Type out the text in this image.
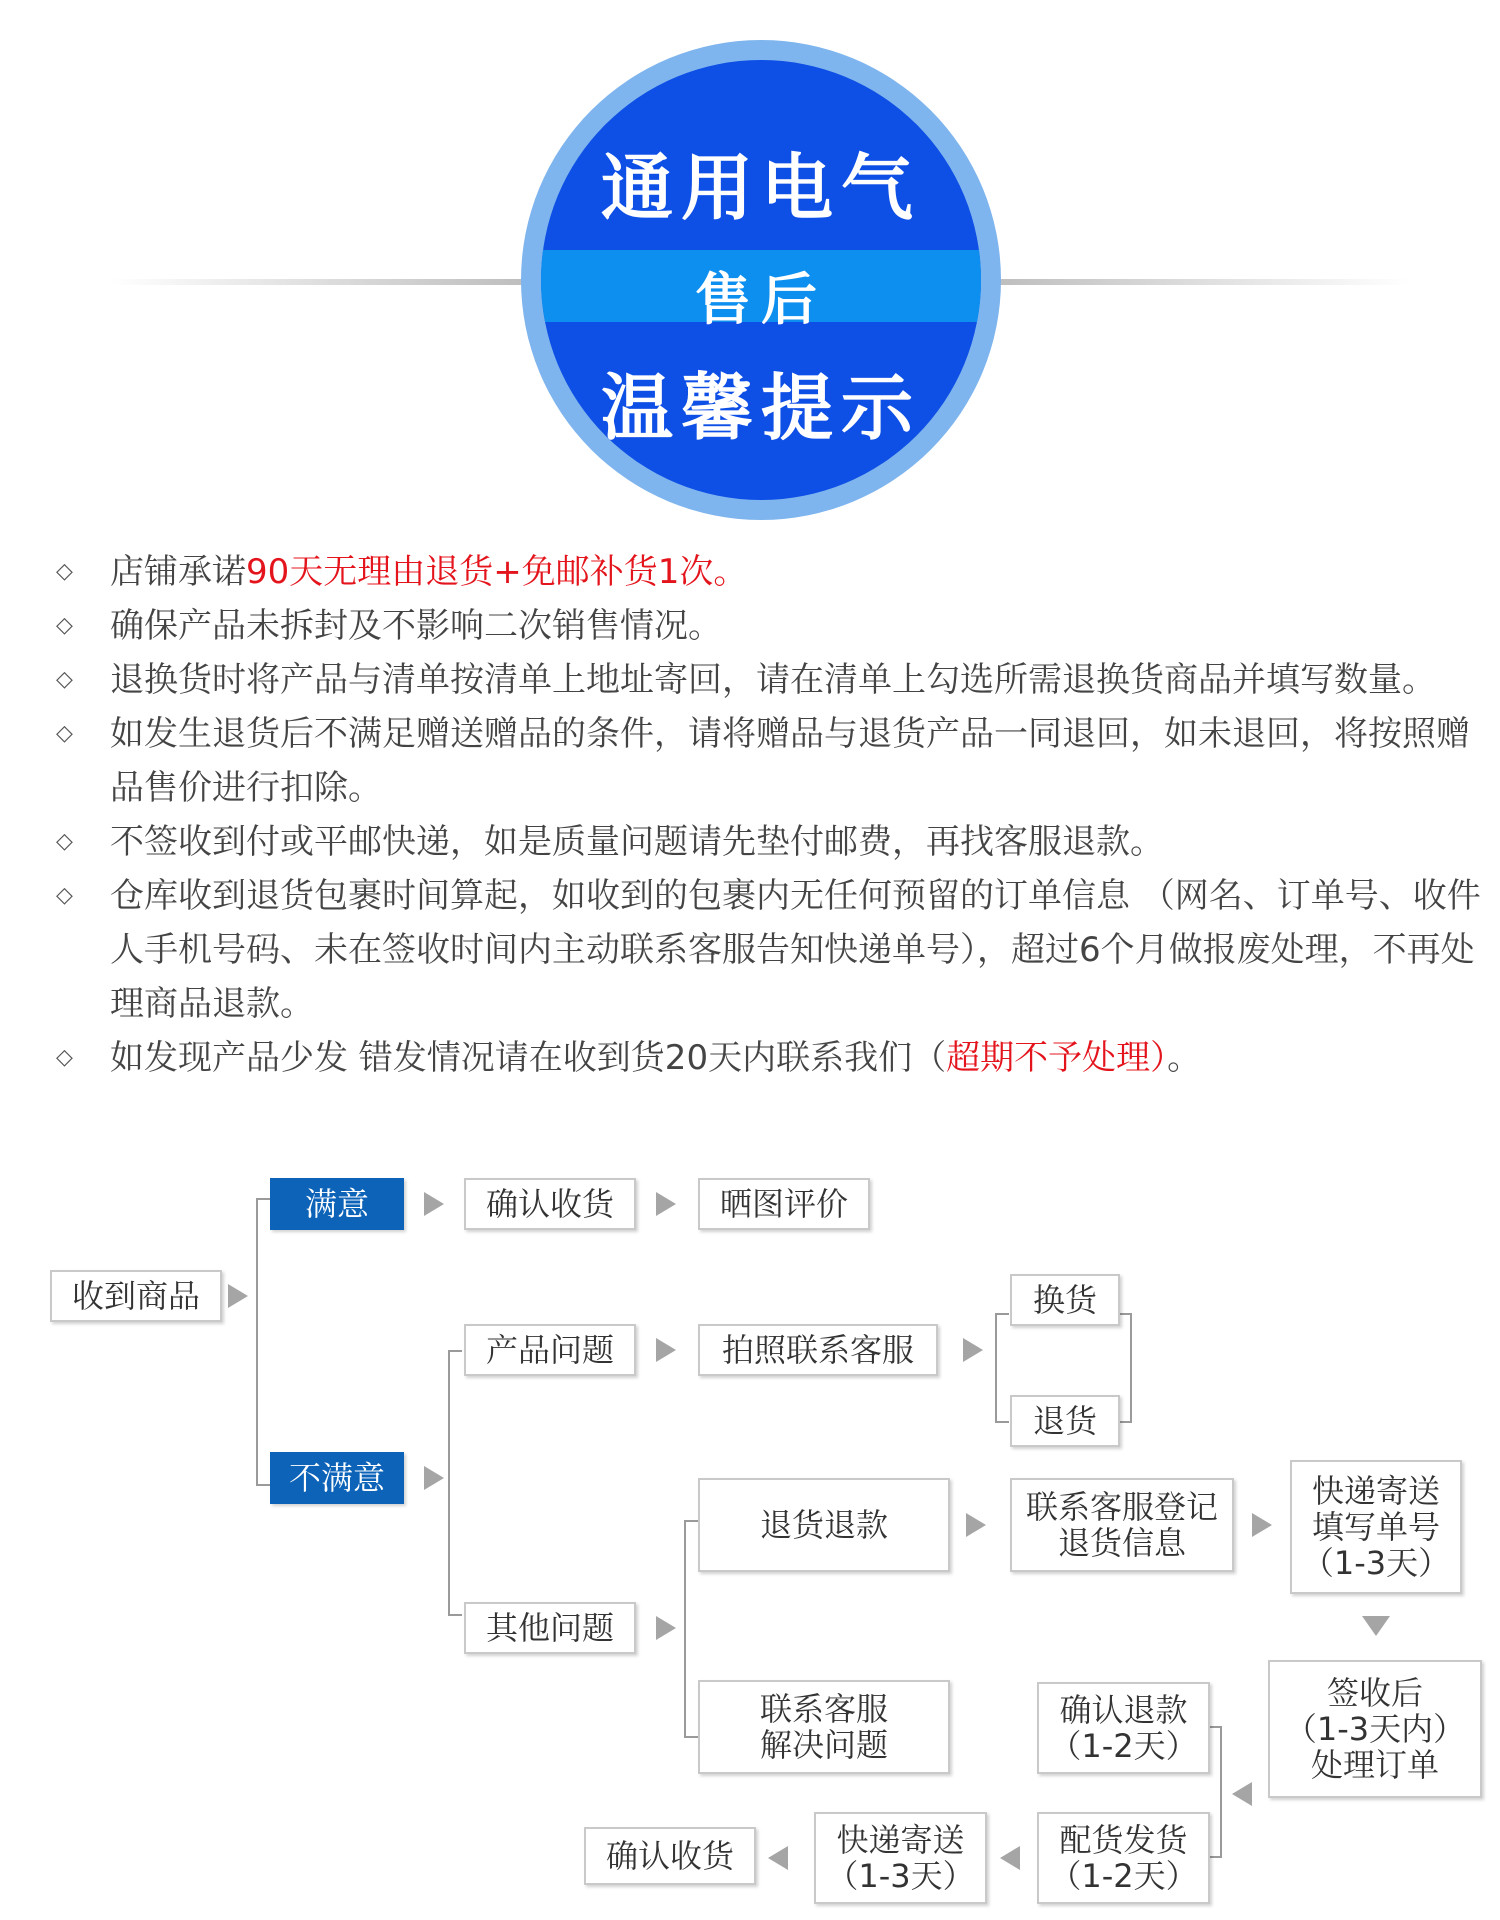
通用电气
售后
温馨提示
◇	店铺承诺90天无理由退货+免邮补货1次。
◇	确保产品未拆封及不影响二次销售情况。
◇	退换货时将产品与清单按清单上地址寄回，请在清单上勾选所需退换货商品并填写数量。
◇	如发生退货后不满足赠送赠品的条件，请将赠品与退货产品一同退回，如未退回，将按照赠品售价进行扣除。
◇	不签收到付或平邮快递，如是质量问题请先垫付邮费，再找客服退款。
◇	仓库收到退货包裹时间算起，如收到的包裹内无任何预留的订单信息 （网名、订单号、收件人手机号码、未在签收时间内主动联系客服告知快递单号），超过6个月做报废处理，不再处理商品退款。
◇	如发现产品少发 错发情况请在收到货20天内联系我们（超期不予处理）。
收到商品
满意	确认收货	晒图评价
不满意
产品问题	拍照联系客服
换货
退货
其他问题
退货退款	联系客服登记
退货信息
快递寄送
填写单号
（1-3天）
签收后
（1-3天内）
处理订单
联系客服
解决问题
确认退款
（1-2天）
配货发货
（1-2天）
快递寄送
（1-3天）
确认收货
